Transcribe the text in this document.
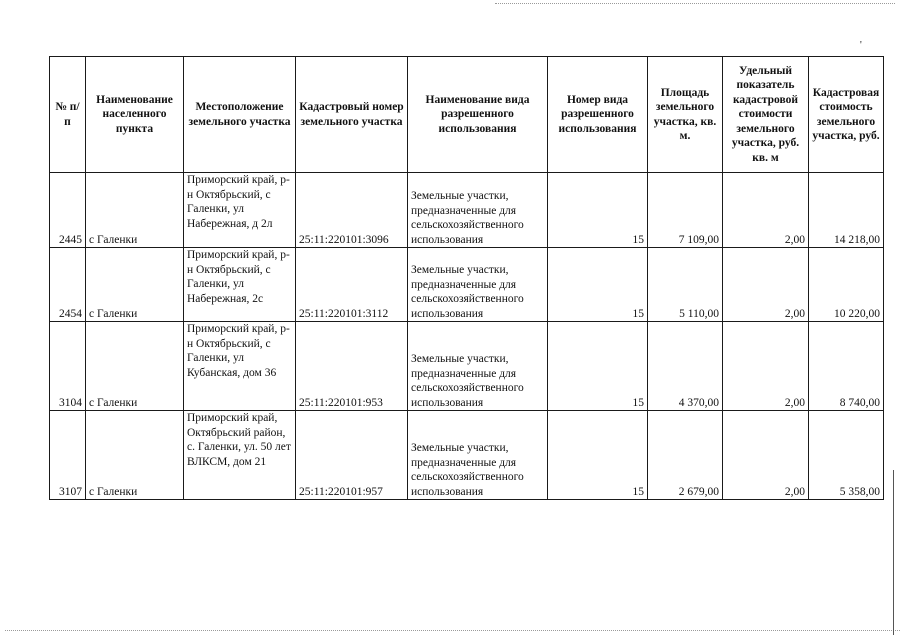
'
№ п/п	Наименование населенного пункта	Местоположение земельного участка	Кадастровый номер земельного участка	Наименование вида разрешенного использования	Номер вида разрешенного использования	Площадь земельного участка, кв. м.	Удельный показатель кадастровой стоимости земельного участка, руб. кв. м	Кадастровая стоимость земельного участка, руб.
2445	с Галенки	Приморский край, р-н Октябрьский, с Галенки, ул Набережная, д 2л	25:11:220101:3096	Земельные участки, предназначенные для сельскохозяйственного использования	15	7 109,00	2,00	14 218,00
2454	с Галенки	Приморский край, р-н Октябрьский, с Галенки, ул Набережная, 2с	25:11:220101:3112	Земельные участки, предназначенные для сельскохозяйственного использования	15	5 110,00	2,00	10 220,00
3104	с Галенки	Приморский край, р-н Октябрьский, с Галенки, ул Кубанская, дом 36	25:11:220101:953	Земельные участки, предназначенные для сельскохозяйственного использования	15	4 370,00	2,00	8 740,00
3107	с Галенки	Приморский край, Октябрьский район, с. Галенки, ул. 50 лет ВЛКСМ, дом 21	25:11:220101:957	Земельные участки, предназначенные для сельскохозяйственного использования	15	2 679,00	2,00	5 358,00
